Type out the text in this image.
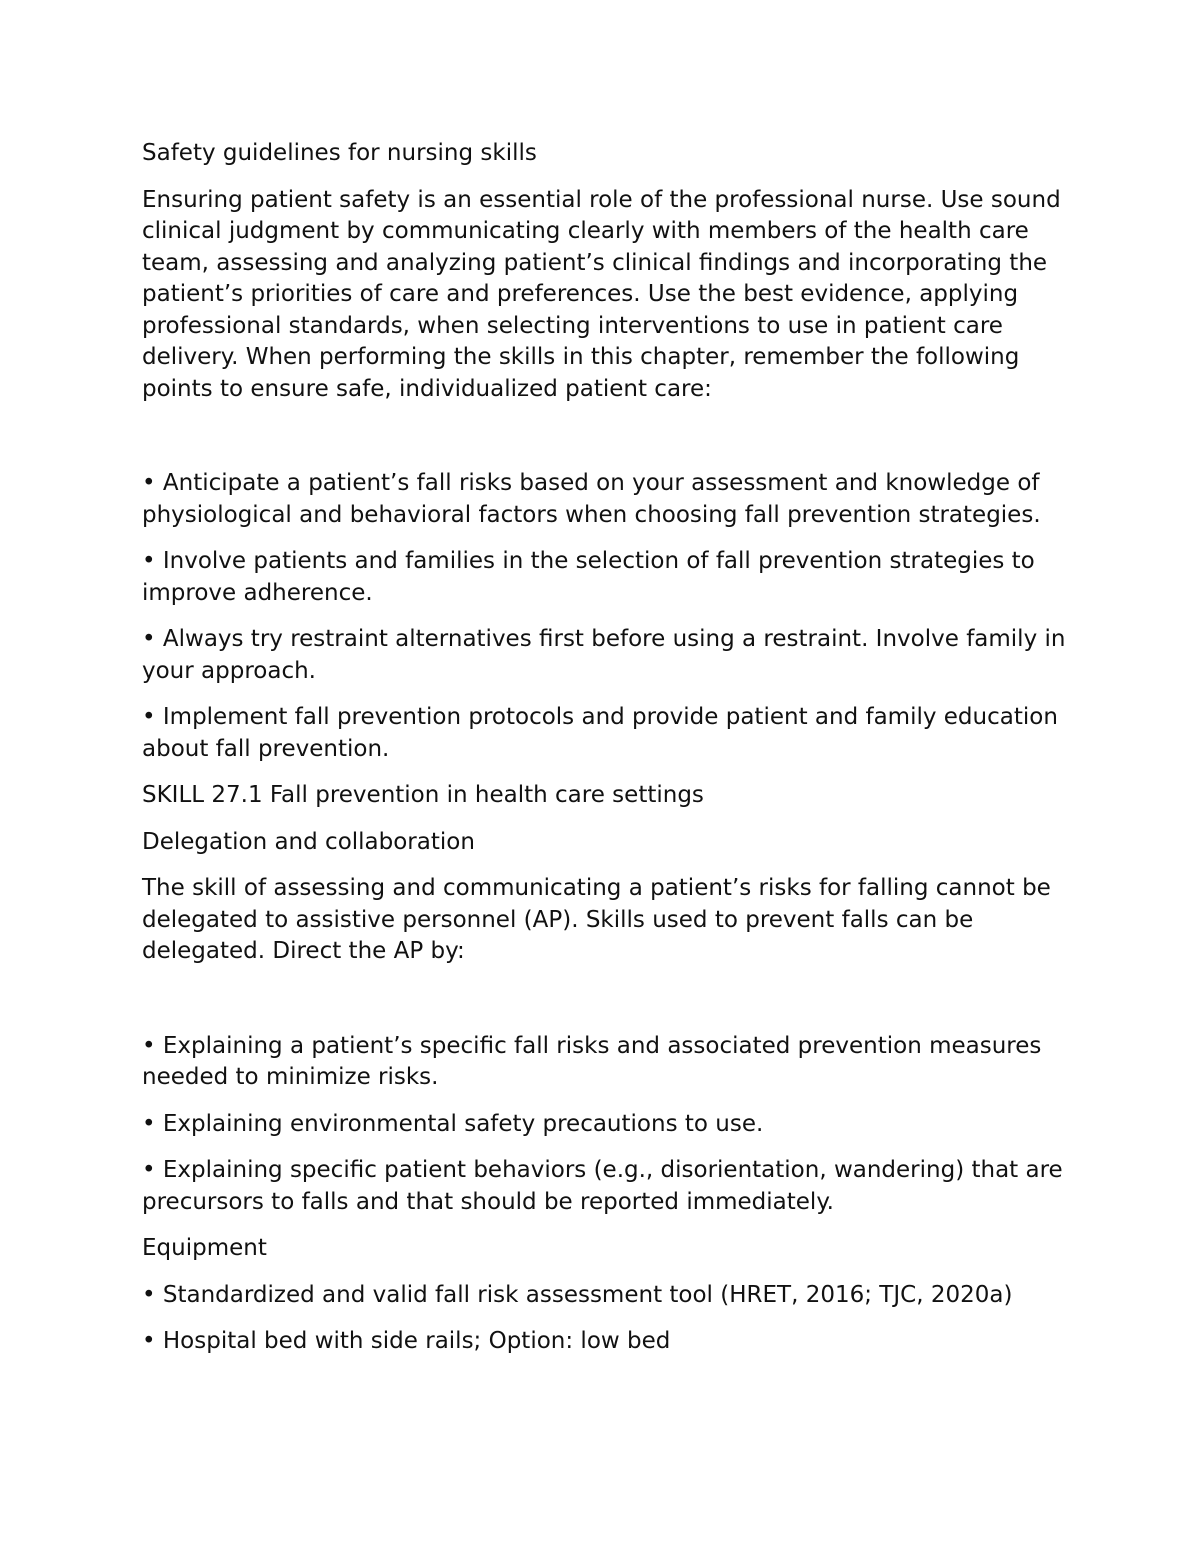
Safety guidelines for nursing skills

Ensuring patient safety is an essential role of the professional nurse. Use sound clinical judgment by communicating clearly with members of the health care team, assessing and analyzing patient’s clinical findings and incorporating the patient’s priorities of care and preferences. Use the best evidence, applying professional standards, when selecting interventions to use in patient care delivery. When performing the skills in this chapter, remember the following points to ensure safe, individualized patient care:

• Anticipate a patient’s fall risks based on your assessment and knowledge of physiological and behavioral factors when choosing fall prevention strategies.

• Involve patients and families in the selection of fall prevention strategies to improve adherence.

• Always try restraint alternatives first before using a restraint. Involve family in your approach.

• Implement fall prevention protocols and provide patient and family education about fall prevention.

SKILL 27.1 Fall prevention in health care settings

Delegation and collaboration

The skill of assessing and communicating a patient’s risks for falling cannot be delegated to assistive personnel (AP). Skills used to prevent falls can be delegated. Direct the AP by:

• Explaining a patient’s specific fall risks and associated prevention measures needed to minimize risks.

• Explaining environmental safety precautions to use.

• Explaining specific patient behaviors (e.g., disorientation, wandering) that are precursors to falls and that should be reported immediately.

Equipment

• Standardized and valid fall risk assessment tool (HRET, 2016; TJC, 2020a)

• Hospital bed with side rails; Option: low bed
